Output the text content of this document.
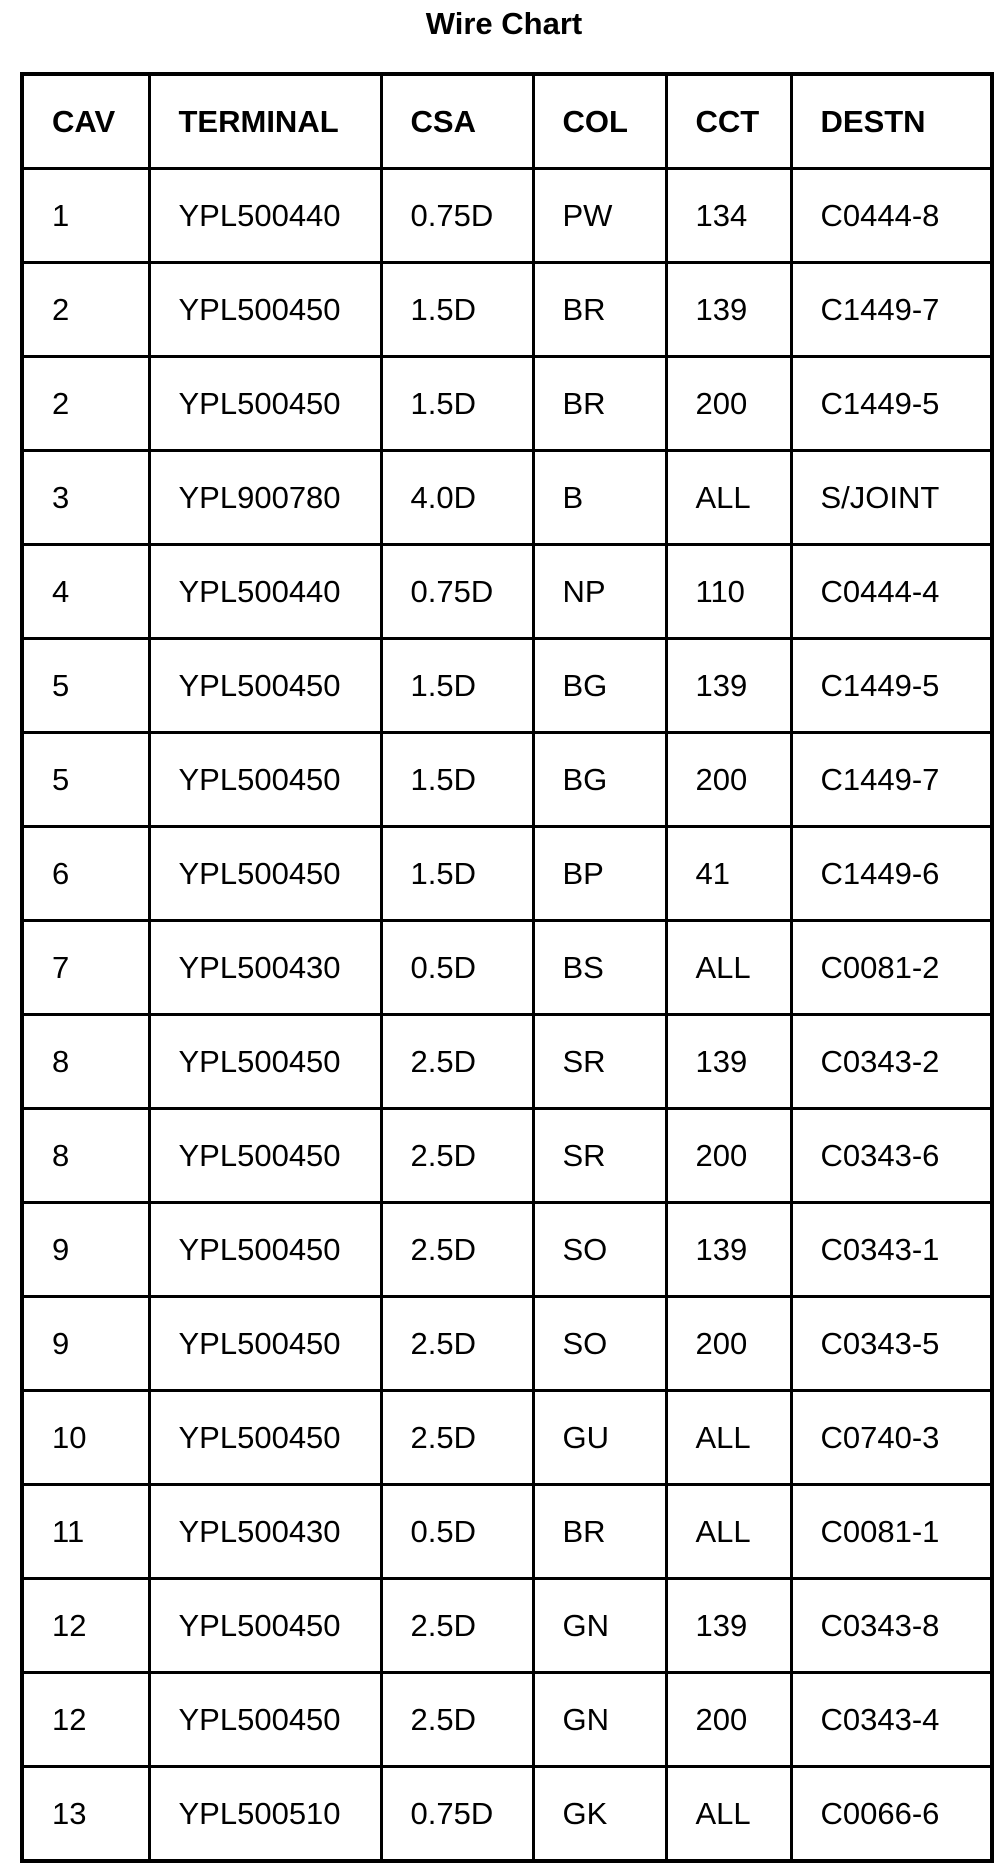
Wire Chart
CAV	TERMINAL	CSA	COL	CCT	DESTN
1	YPL500440	0.75D	PW	134	C0444-8
2	YPL500450	1.5D	BR	139	C1449-7
2	YPL500450	1.5D	BR	200	C1449-5
3	YPL900780	4.0D	B	ALL	S/JOINT
4	YPL500440	0.75D	NP	110	C0444-4
5	YPL500450	1.5D	BG	139	C1449-5
5	YPL500450	1.5D	BG	200	C1449-7
6	YPL500450	1.5D	BP	41	C1449-6
7	YPL500430	0.5D	BS	ALL	C0081-2
8	YPL500450	2.5D	SR	139	C0343-2
8	YPL500450	2.5D	SR	200	C0343-6
9	YPL500450	2.5D	SO	139	C0343-1
9	YPL500450	2.5D	SO	200	C0343-5
10	YPL500450	2.5D	GU	ALL	C0740-3
11	YPL500430	0.5D	BR	ALL	C0081-1
12	YPL500450	2.5D	GN	139	C0343-8
12	YPL500450	2.5D	GN	200	C0343-4
13	YPL500510	0.75D	GK	ALL	C0066-6
